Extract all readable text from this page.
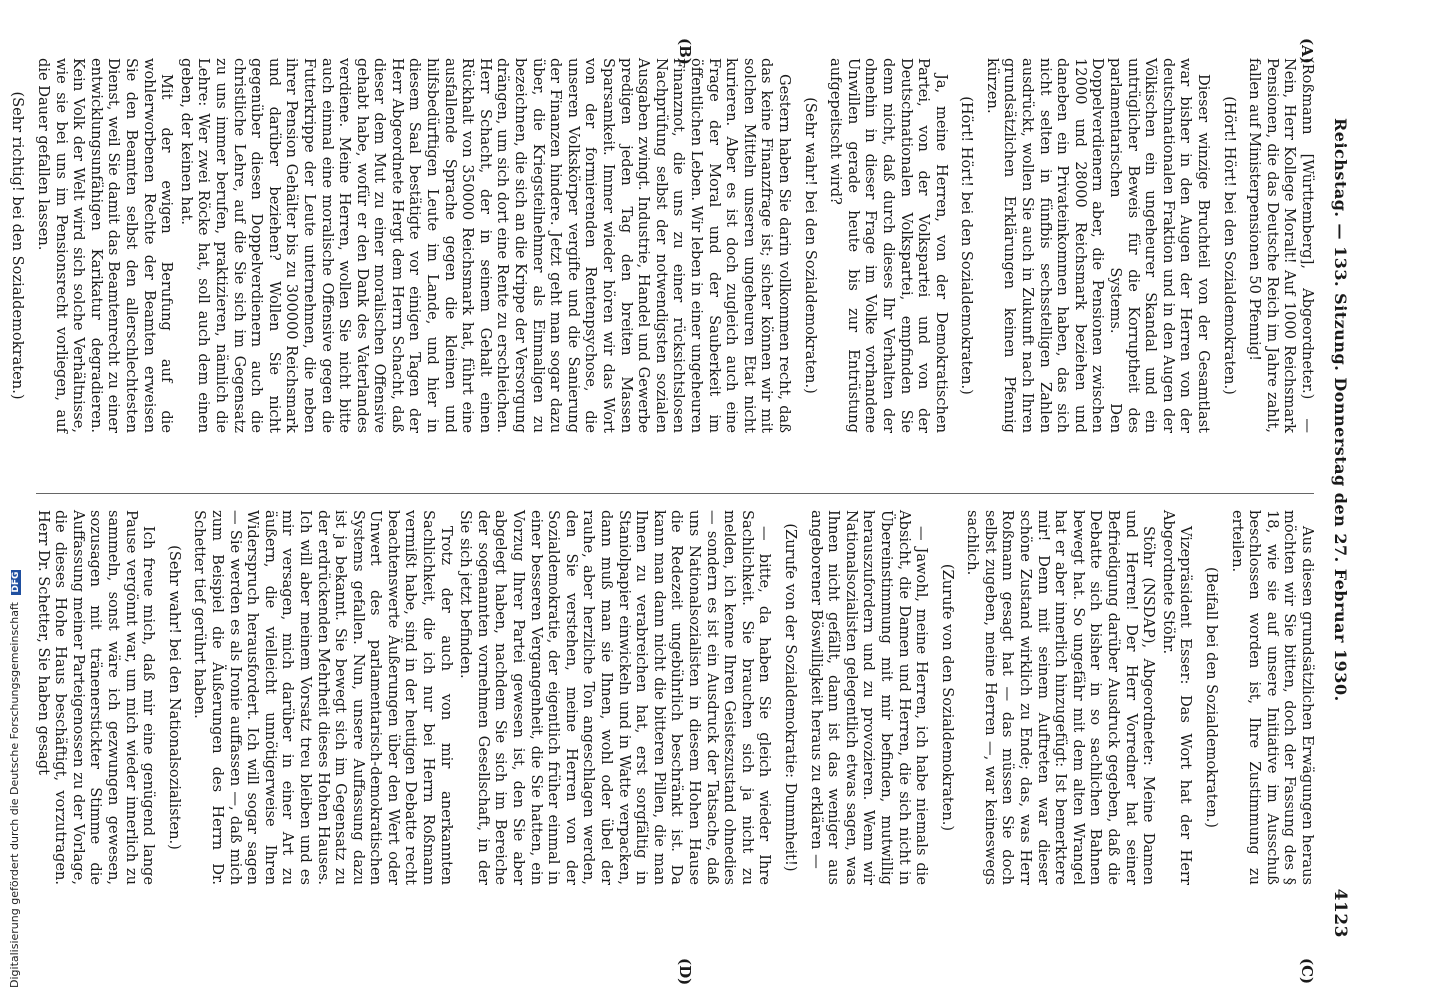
Reichstag. — 133. Sitzung. Donnerstag den 27. Februar 1930.
4123
(A)
(B)
(C)
(D)

(Roßmann [Württemberg], Abgeordneter.) — Nein, Herr Kollege Moralt! Auf 1000 Reichsmark Pensionen, die das Deutsche Reich im Jahre zahlt, fallen auf Ministerpensionen 50 Pfennig!

(Hört! Hört! bei den Sozialdemokraten.)

Dieser winzige Bruchteil von der Gesamtlast war bisher in den Augen der Herren von der deutschnationalen Fraktion und in den Augen der Völkischen ein ungeheurer Skandal und ein untrüglicher Beweis für die Korruptheit des parlamentarischen Systems. Den Doppelverdienern aber, die Pensionen zwischen 12000 und 28000 Reichsmark beziehen und daneben ein Privateinkommen haben, das sich nicht selten in fünfbis sechsstelligen Zahlen ausdrückt, wollen Sie auch in Zukunft nach Ihren grundsätzlichen Erklärungen keinen Pfennig kürzen.

(Hört! Hört! bei den Sozialdemokraten.)

Ja, meine Herren, von der Demokratischen Partei, von der Volkspartei und von der Deutschnationalen Volkspartei, empfinden Sie denn nicht, daß durch dieses Ihr Verhalten der ohnehin in dieser Frage im Volke vorhandene Unwillen gerade heute bis zur Entrüstung aufgepeitscht wird?

(Sehr wahr! bei den Sozialdemokraten.)

Gestern haben Sie darin vollkommen recht, daß das keine Finanzfrage ist; sicher können wir mit solchen Mitteln unseren ungeheuren Etat nicht kurieren. Aber es ist doch zugleich auch eine Frage der Moral und der Sauberkeit im öffentlichen Leben. Wir leben in einer ungeheuren Finanznot, die uns zu einer rücksichtslosen Nachprüfung selbst der notwendigsten sozialen Ausgaben zwingt. Industrie, Handel und Gewerbe predigen jeden Tag den breiten Massen Sparsamkeit. Immer wieder hören wir das Wort von der formierenden Rentenpsychose, die unseren Volkskörper vergifte und die Sanierung der Finanzen hindere. Jetzt geht man sogar dazu über, die Kriegsteilnehmer als Einmaligen zu bezeichnen, die sich an die Krippe der Versorgung drängen, um sich dort eine Rente zu erschleichen. Herr Schacht, der in seinem Gehalt einen Rückhalt von 350000 Reichsmark hat, führt eine ausfallende Sprache gegen die kleinen und hilfsbedürftigen Leute im Lande, und hier in diesem Saal bestätigte vor einigen Tagen der Herr Abgeordnete Hergt dem Herrn Schacht, daß dieser dem Mut zu einer moralischen Offensive gehabt habe, wofür er den Dank des Vaterlandes verdiene. Meine Herren, wollen Sie nicht bitte auch einmal eine moralische Offensive gegen die Futterkrippe der Leute unternehmen, die neben ihrer Pension Gehälter bis zu 300000 Reichsmark und darüber beziehen? Wollen Sie nicht gegenüber diesen Doppelverdienern auch die christliche Lehre, auf die Sie sich im Gegensatz zu uns immer berufen, praktizieren, nämlich die Lehre: Wer zwei Röcke hat, soll auch dem einen geben, der keinen hat.

Mit der ewigen Berufung auf die wohlerworbenen Rechte der Beamten erweisen Sie den Beamten selbst den allerschlechtesten Dienst, weil Sie damit das Beamtenrecht zu einer entwicklungsunfähigen Karikatur degradieren. Kein Volk der Welt wird sich solche Verhältnisse, wie sie bei uns im Pensionsrecht vorliegen, auf die Dauer gefallen lassen.

(Sehr richtig! bei den Sozialdemokraten.)

Aus diesen grundsätzlichen Erwägungen heraus möchten wir Sie bitten, doch der Fassung des § 18, wie sie auf unsere Initiative im Ausschuß beschlossen worden ist, Ihre Zustimmung zu erteilen.

(Beifall bei den Sozialdemokraten.)

Vizepräsident Esser: Das Wort hat der Herr Abgeordnete Stöhr.

Stöhr (NSDAP), Abgeordneter: Meine Damen und Herren! Der Herr Vorredner hat seiner Befriedigung darüber Ausdruck gegeben, daß die Debatte sich bisher in so sachlichen Bahnen bewegt hat. So ungefähr mit dem alten Wrangel hat er aber innerlich hinzugefügt: Ist bemerktere mir! Denn mit seinem Auftreten war dieser schöne Zustand wirklich zu Ende; das, was Herr Roßmann gesagt hat — das müssen Sie doch selbst zugeben, meine Herren —, war keineswegs sachlich.

(Zurufe von den Sozialdemokraten.)

— Jawohl, meine Herren, ich habe niemals die Absicht, die Damen und Herren, die sich nicht in Übereinstimmung mit mir befinden, mutwillig herauszufordern und zu provozieren. Wenn wir Nationalsozialisten gelegentlich etwas sagen, was Ihnen nicht gefällt, dann ist das weniger aus angeborener Böswilligkeit heraus zu erklären —

(Zurufe von der Sozialdemokratie: Dummheit!)

— bitte, da haben Sie gleich wieder Ihre Sachlichkeit. Sie brauchen sich ja nicht zu melden, ich kenne Ihren Geisteszustand ohnedies — sondern es ist ein Ausdruck der Tatsache, daß uns Nationalsozialisten in diesem Hohen Hause die Redezeit ungebührlich beschränkt ist. Da kann man dann nicht die bitteren Pillen, die man Ihnen zu verabreichen hat, erst sorgfältig in Staniolpapier einwickeln und in Watte verpacken, dann muß man sie Ihnen, wohl oder übel der rauhe, aber herzliche Ton angeschlagen werden, den Sie verstehen, meine Herren von der Sozialdemokratie, der eigentlich früher einmal in einer besseren Vergangenheit, die Sie hatten, ein Vorzug Ihrer Partei gewesen ist, den Sie aber abgelegt haben, nachdem Sie sich im Bereiche der sogenannten vornehmen Gesellschaft, in der Sie sich jetzt befinden.

Trotz der auch von mir anerkannten Sachlichkeit, die ich nur bei Herrn Roßmann vermißt habe, sind in der heutigen Debatte recht beachtenswerte Äußerungen über den Wert oder Unwert des parlamentarisch-demokratischen Systems gefallen. Nun, unsere Auffassung dazu ist ja bekannt. Sie bewegt sich im Gegensatz zu der erdrückenden Mehrheit dieses Hohen Hauses. Ich will aber meinem Vorsatz treu bleiben und es mir versagen, mich darüber in einer Art zu äußern, die vielleicht unnötigerweise Ihren Widerspruch herausfordert. Ich will sogar sagen — Sie werden es als Ironie auffassen —, daß mich zum Beispiel die Äußerungen des Herrn Dr. Schetter tief gerührt haben.

(Sehr wahr! bei den Nationalsozialisten.)

Ich freue mich, daß mir eine genügend lange Pause vergönnt war, um mich wieder innerlich zu sammeln, sonst wäre ich gezwungen gewesen, sozusagen mit tränenerstickter Stimme die Auffassung meiner Parteigenossen zu der Vorlage, die dieses Hohe Haus beschäftigt, vorzutragen. Herr Dr. Schetter, Sie haben gesagt

Digitalisierung gefördert durch die Deutsche Forschungsgemeinschaft DFG
